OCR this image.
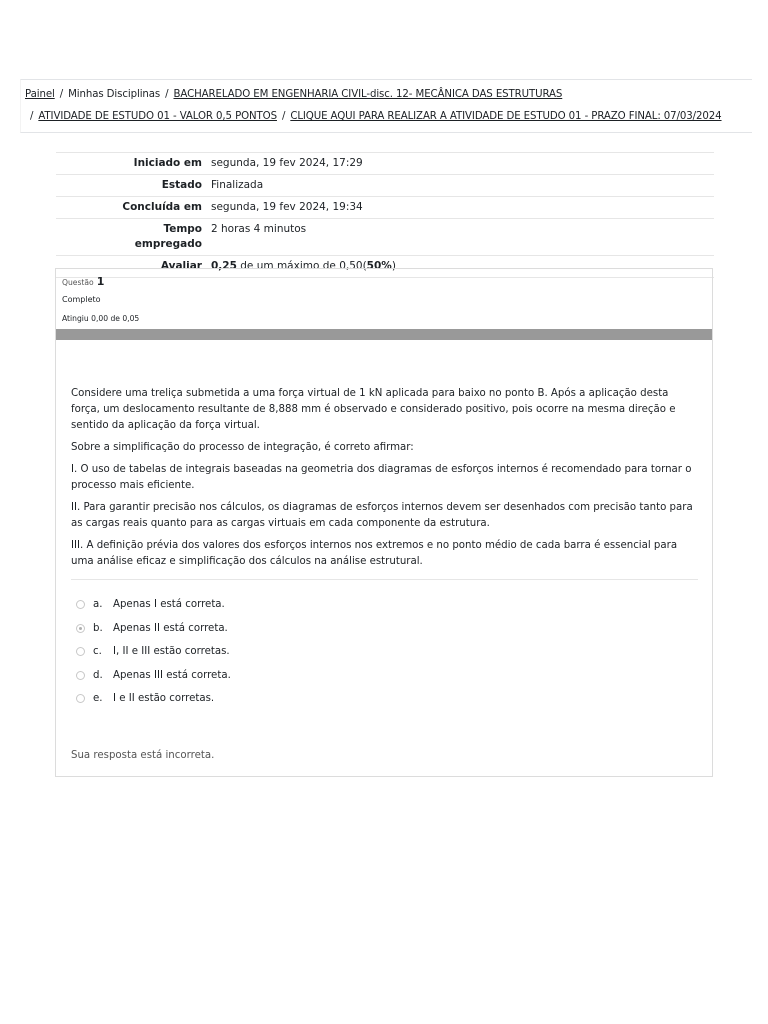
Painel / Minhas Disciplinas / BACHARELADO EM ENGENHARIA CIVIL-disc. 12- MECÂNICA DAS ESTRUTURAS
/ ATIVIDADE DE ESTUDO 01 - VALOR 0,5 PONTOS / CLIQUE AQUI PARA REALIZAR A ATIVIDADE DE ESTUDO 01 - PRAZO FINAL: 07/03/2024
Iniciado em	segunda, 19 fev 2024, 17:29
Estado	Finalizada
Concluída em	segunda, 19 fev 2024, 19:34
Tempo empregado	2 horas 4 minutos
Avaliar	0,25 de um máximo de 0,50(50%)
Questão 1
Completo
Atingiu 0,00 de 0,05

Considere uma treliça submetida a uma força virtual de 1 kN aplicada para baixo no ponto B. Após a aplicação desta força, um deslocamento resultante de 8,888 mm é observado e considerado positivo, pois ocorre na mesma direção e sentido da aplicação da força virtual.

Sobre a simplificação do processo de integração, é correto afirmar:

I. O uso de tabelas de integrais baseadas na geometria dos diagramas de esforços internos é recomendado para tornar o processo mais eficiente.

II. Para garantir precisão nos cálculos, os diagramas de esforços internos devem ser desenhados com precisão tanto para as cargas reais quanto para as cargas virtuais em cada componente da estrutura.

III. A definição prévia dos valores dos esforços internos nos extremos e no ponto médio de cada barra é essencial para uma análise eficaz e simplificação dos cálculos na análise estrutural.

a. Apenas I está correta.
b. Apenas II está correta.
c. I, II e III estão corretas.
d. Apenas III está correta.
e. I e II estão corretas.
Sua resposta está incorreta.
